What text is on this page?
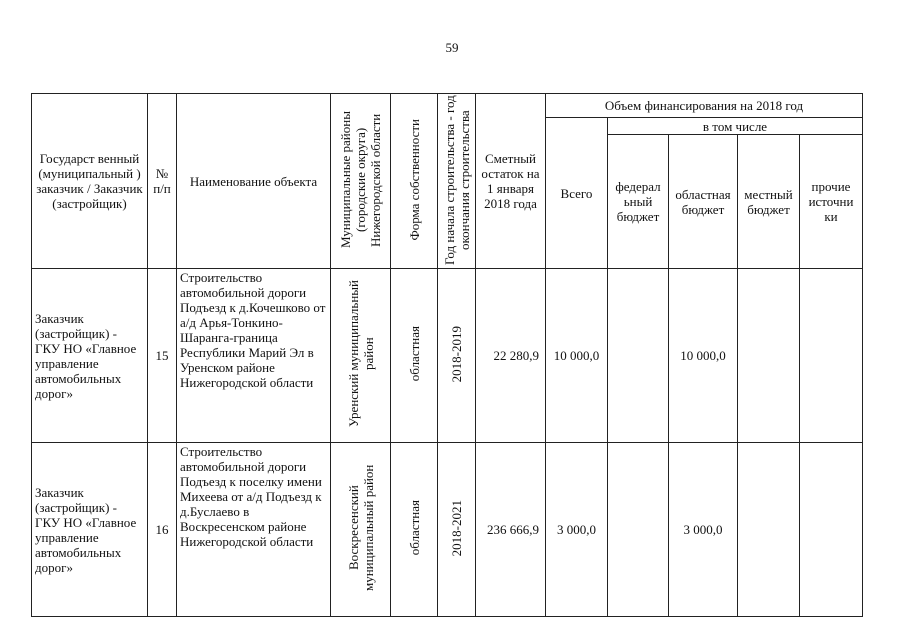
59
Государст венный (муниципальный ) заказчик / Заказчик (застройщик)	№ п/п	Наименование объекта	Муниципальные районы (городские округа) Нижегородской области	Форма собственности	Год начала строительства - год окончания строительства	Сметный остаток на 1 января 2018 года	Объем финансирования на 2018 год				
							Всего	в том числе			
								федерал ьный бюджет	областная бюджет	местный бюджет	прочие источни ки
Заказчик (застройщик) - ГКУ НО «Главное управление автомобильных дорог»	15	Строительство автомобильной дороги Подъезд к д.Кочешково от а/д Арья-Тонкино-Шаранга-граница Республики Марий Эл в Уренском районе Нижегородской области	Уренский муниципальный район	областная	2018-2019	22 280,9	10 000,0		10 000,0		
Заказчик (застройщик) - ГКУ НО «Главное управление автомобильных дорог»	16	Строительство автомобильной дороги Подъезд к поселку имени Михеева от а/д Подъезд к д.Буслаево в Воскресенском районе Нижегородской области	Воскресенский муниципальный район	областная	2018-2021	236 666,9	3 000,0		3 000,0		
